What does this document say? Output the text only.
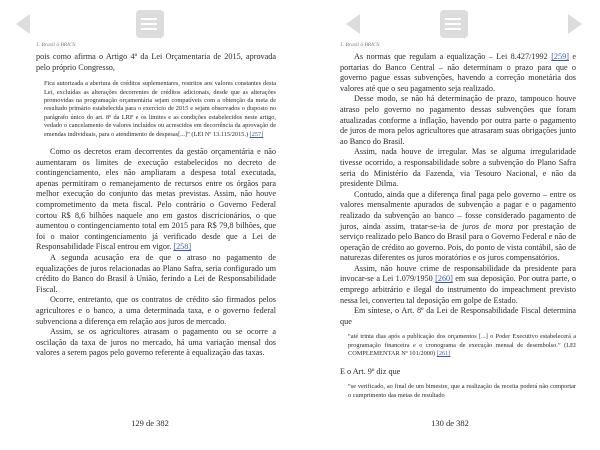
1. Brasil à BRICS

pois como afirma o Artigo 4º da Lei Orçamentaria de 2015, aprovada pelo próprio Congresso,

Fica autorizada a abertura de créditos suplementares, restritos aos valores constantes desta Lei, excluídas as alterações decorrentes de créditos adicionais, desde que as alterações promovidas na programação orçamentária sejam compatíveis com a obtenção da meta de resultado primário estabelecida para o exercício de 2015 e sejam observados o disposto no parágrafo único do art. 8º da LRF e os limites e as condições estabelecidos neste artigo, vedado o cancelamento de valores incluídos ou acrescidos em decorrência da aprovação de emendas individuais, para o atendimento de despesas[...]” (LEI Nº 13.115/2015.) [257]

Como os decretos eram decorrentes da gestão orçamentária e não aumentaram os limites de execução estabelecidos no decreto de contingenciamento, eles não ampliaram a despesa total executada, apenas permitiram o remanejamento de recursos entre os órgãos para melhor execução do conjunto das metas previstas. Assim, não houve comprometimento da meta fiscal. Pelo contrário o Governo Federal cortou R$ 8,6 bilhões naquele ano em gastos discricionários, o que aumentou o contingenciamento total em 2015 para R$ 79,8 bilhões, que foi o maior contingenciamento já verificado desde que a Lei de Responsabilidade Fiscal entrou em vigor. [258]

A segunda acusação era de que o atraso no pagamento de equalizações de juros relacionadas ao Plano Safra, seria configurado um crédito do Banco do Brasil à União, ferindo a Lei de Responsabilidade Fiscal.

Ocorre, entretanto, que os contratos de crédito são firmados pelos agricultores e o banco, a uma determinada taxa, e o governo federal subvenciona a diferença em relação aos juros de mercado.

Assim, se os agricultores atrasam o pagamento ou se ocorre a oscilação da taxa de juros no mercado, há uma variação mensal dos valores a serem pagos pelo governo referente à equalização das taxas.

129 de 382
1. Brasil à BRICS

As normas que regulam a equalização – Lei 8.427/1992 [259] e portarias do Banco Central – não determinam o prazo para que o governo pague essas subvenções, havendo a correção monetária dos valores até que o seu pagamento seja realizado.

Desse modo, se não há determinação de prazo, tampouco houve atraso pelo governo no pagamento dessas subvenções que foram atualizadas conforme a inflação, havendo por outra parte o pagamento de juros de mora pelos agricultores que atrasaram suas obrigações junto ao Banco do Brasil.

Assim, nada houve de irregular. Mas se alguma irregularidade tivesse ocorrido, a responsabilidade sobre a subvenção do Plano Safra seria do Ministério da Fazenda, via Tesouro Nacional, e não da presidente Dilma.

Contudo, ainda que a diferença final paga pelo governo – entre os valores mensalmente apurados de subvenção a pagar e o pagamento realizado da subvenção ao banco – fosse considerado pagamento de juros, ainda assim, tratar-se-ia de juros de mora por prestação de serviço realizado pelo Banco do Brasil para o Governo Federal e não de operação de crédito ao governo. Pois, do ponto de vista contábil, são de naturezas diferentes os juros moratórios e os juros compensatórios.

Assim, não houve crime de responsabilidade da presidente para invocar-se a Lei 1.079/1950 [260] em sua deposição. Por outra parte, o emprego arbitrário e ilegal do instrumento do impeachment previsto nessa lei, converteu tal deposição em golpe de Estado.

Em síntese, o Art. 8º da Lei de Responsabilidade Fiscal determina que

“até trinta dias após a publicação dos orçamentos [...] o Poder Executivo estabelecerá a programação financeira e o cronograma de execução mensal de desembolso.” (LEI COMPLEMENTAR Nº 101/2000) [261]

E o Art. 9º diz que

“se verificado, ao final de um bimestre, que a realização da receita poderá não comportar o cumprimento das metas de resultado

130 de 382
